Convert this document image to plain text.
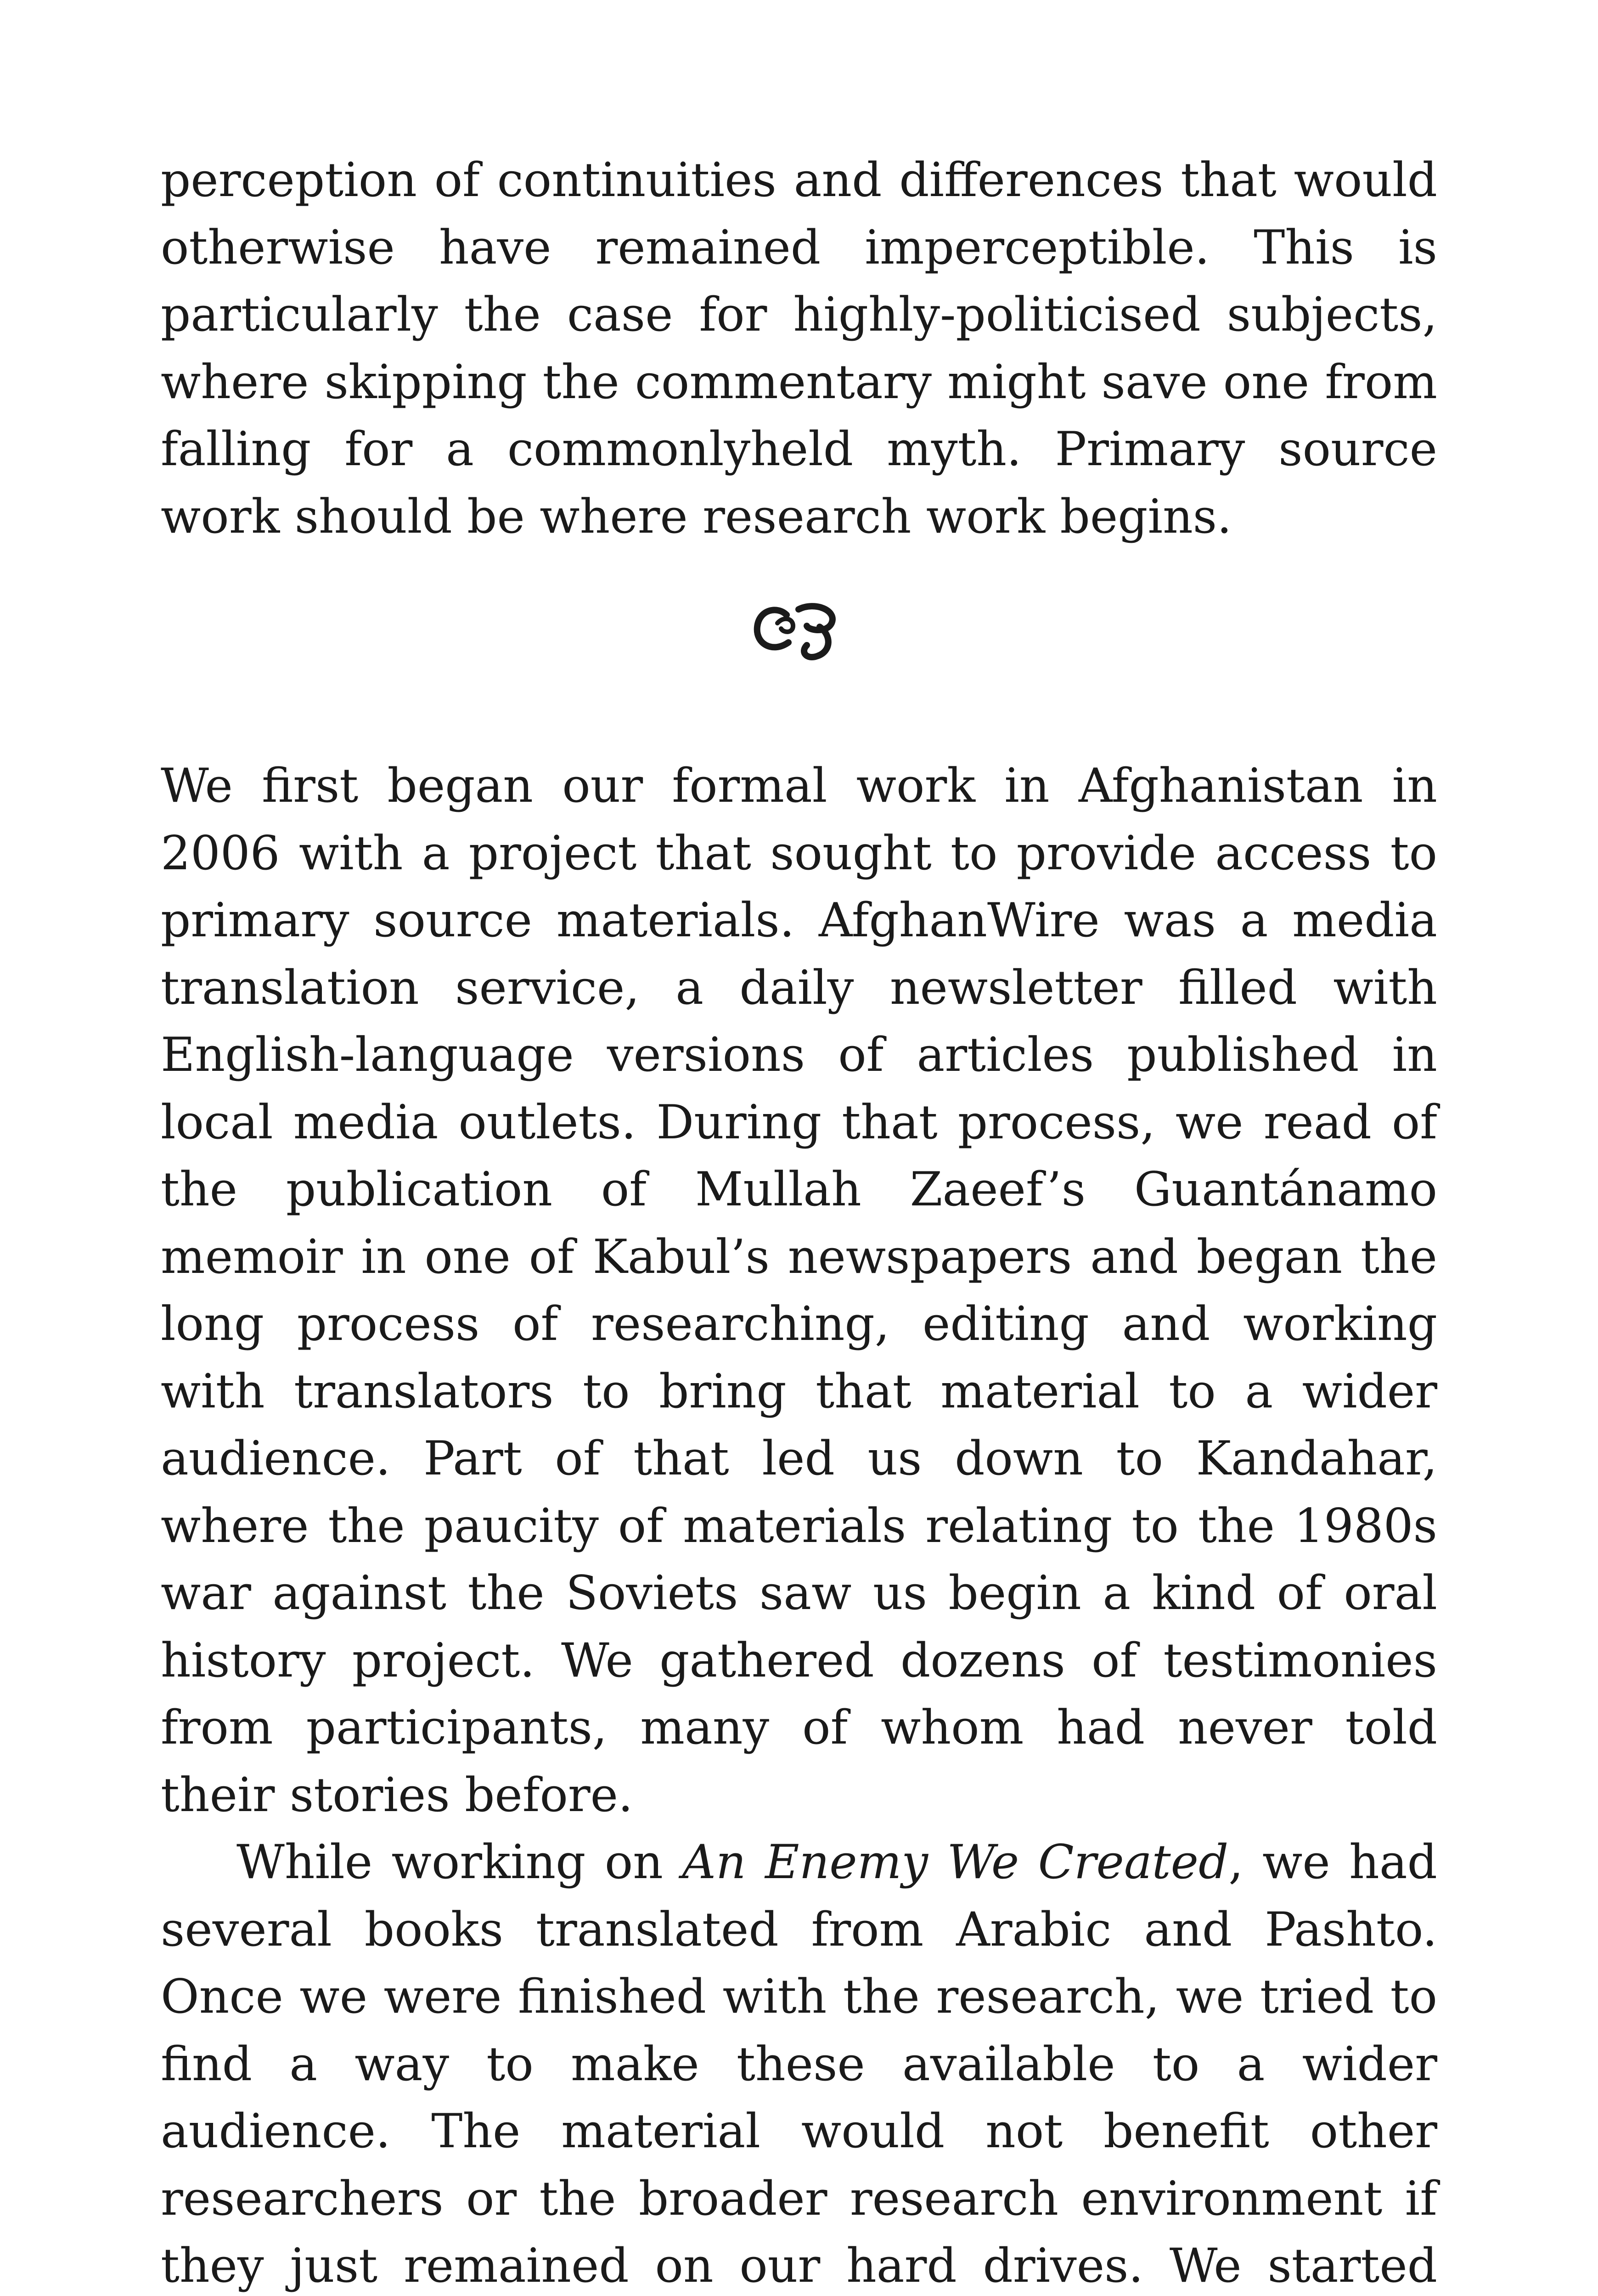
perception of continuities and differences that would otherwise have remained imperceptible. This is particularly the case for highly-politicised subjects, where skipping the commentary might save one from falling for a commonlyheld myth. Primary source work should be where research work begins.

We first began our formal work in Afghanistan in 2006 with a project that sought to provide access to primary source materials. AfghanWire was a media translation service, a daily newsletter filled with English-language versions of articles published in local media outlets. During that process, we read of the publication of Mullah Zaeef’s Guantánamo memoir in one of Kabul’s newspapers and began the long process of researching, editing and working with translators to bring that material to a wider audience. Part of that led us down to Kandahar, where the paucity of materials relating to the 1980s war against the Soviets saw us begin a kind of oral history project. We gathered dozens of testimonies from participants, many of whom had never told their stories before.

While working on An Enemy We Created, we had several books translated from Arabic and Pashto. Once we were finished with the research, we tried to find a way to make these available to a wider audience. The material would not benefit other researchers or the broader research environment if they just remained on our hard drives. We started
